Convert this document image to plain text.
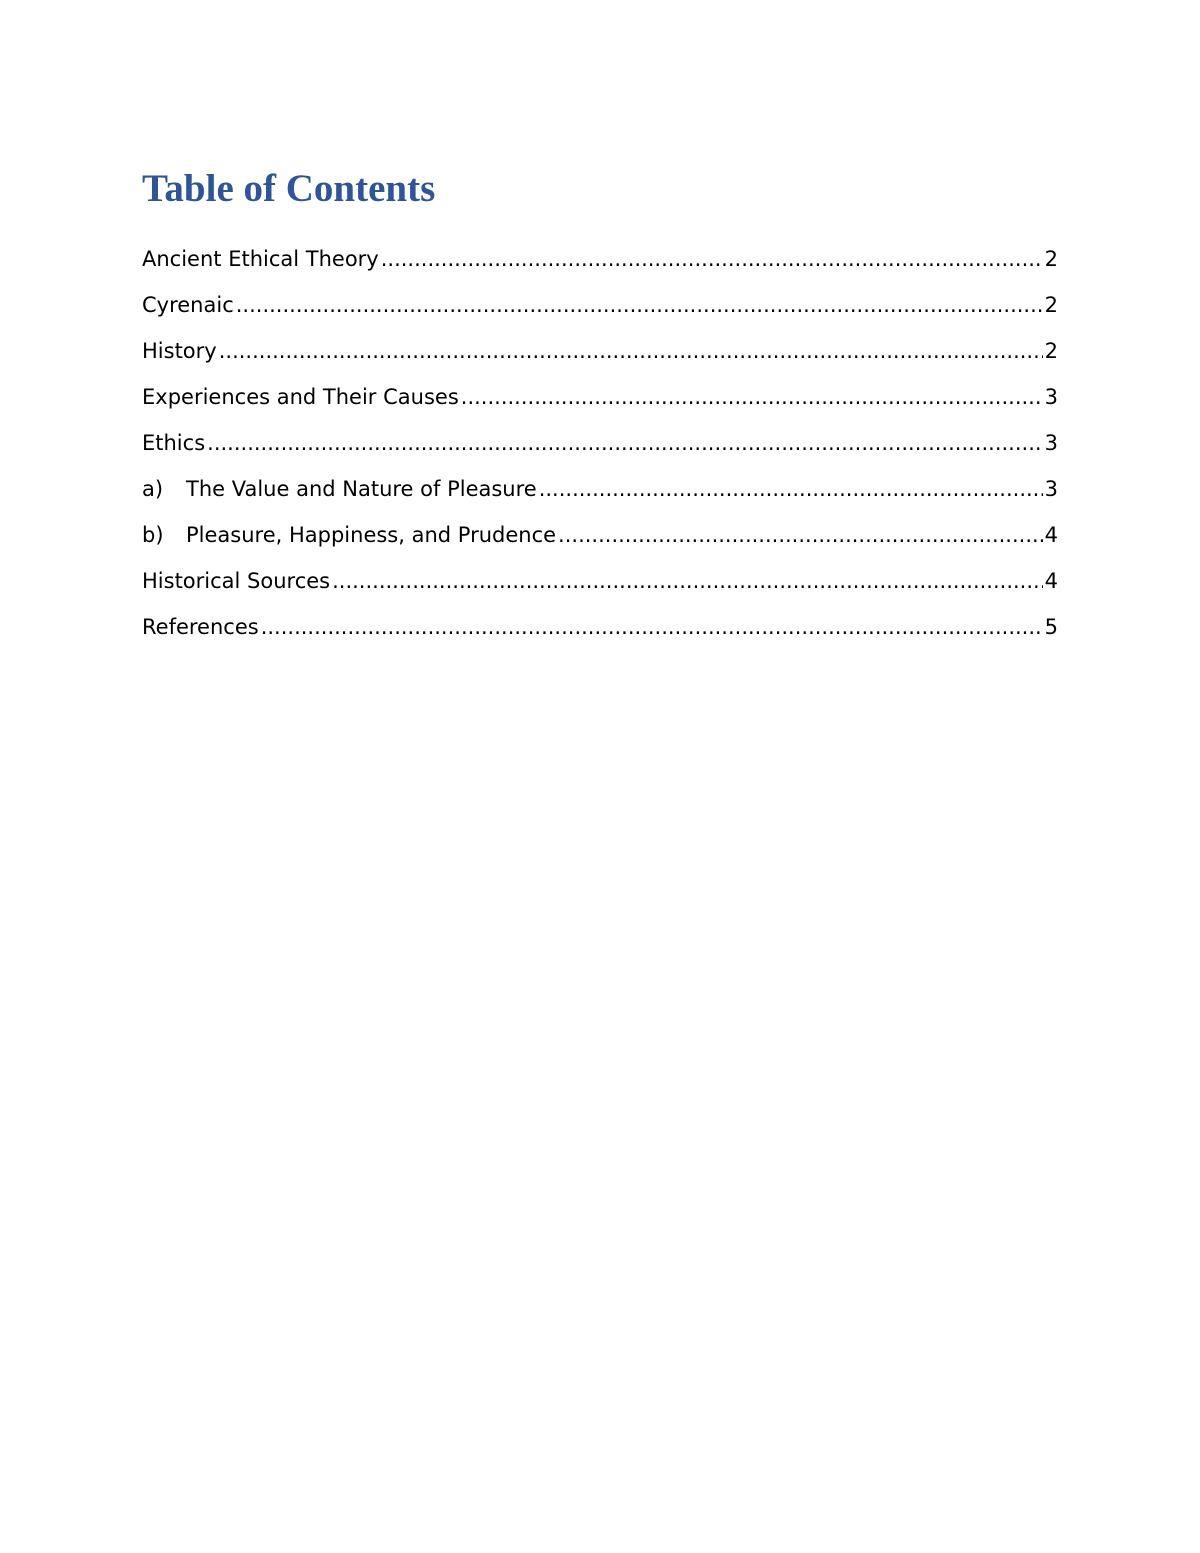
Table of Contents
Ancient Ethical Theory .....	2
Cyrenaic .....	2
History .....	2
Experiences and Their Causes .....	3
Ethics .....	3
a)	The Value and Nature of Pleasure .....	3
b)	Pleasure, Happiness, and Prudence .....	4
Historical Sources .....	4
References .....	5
